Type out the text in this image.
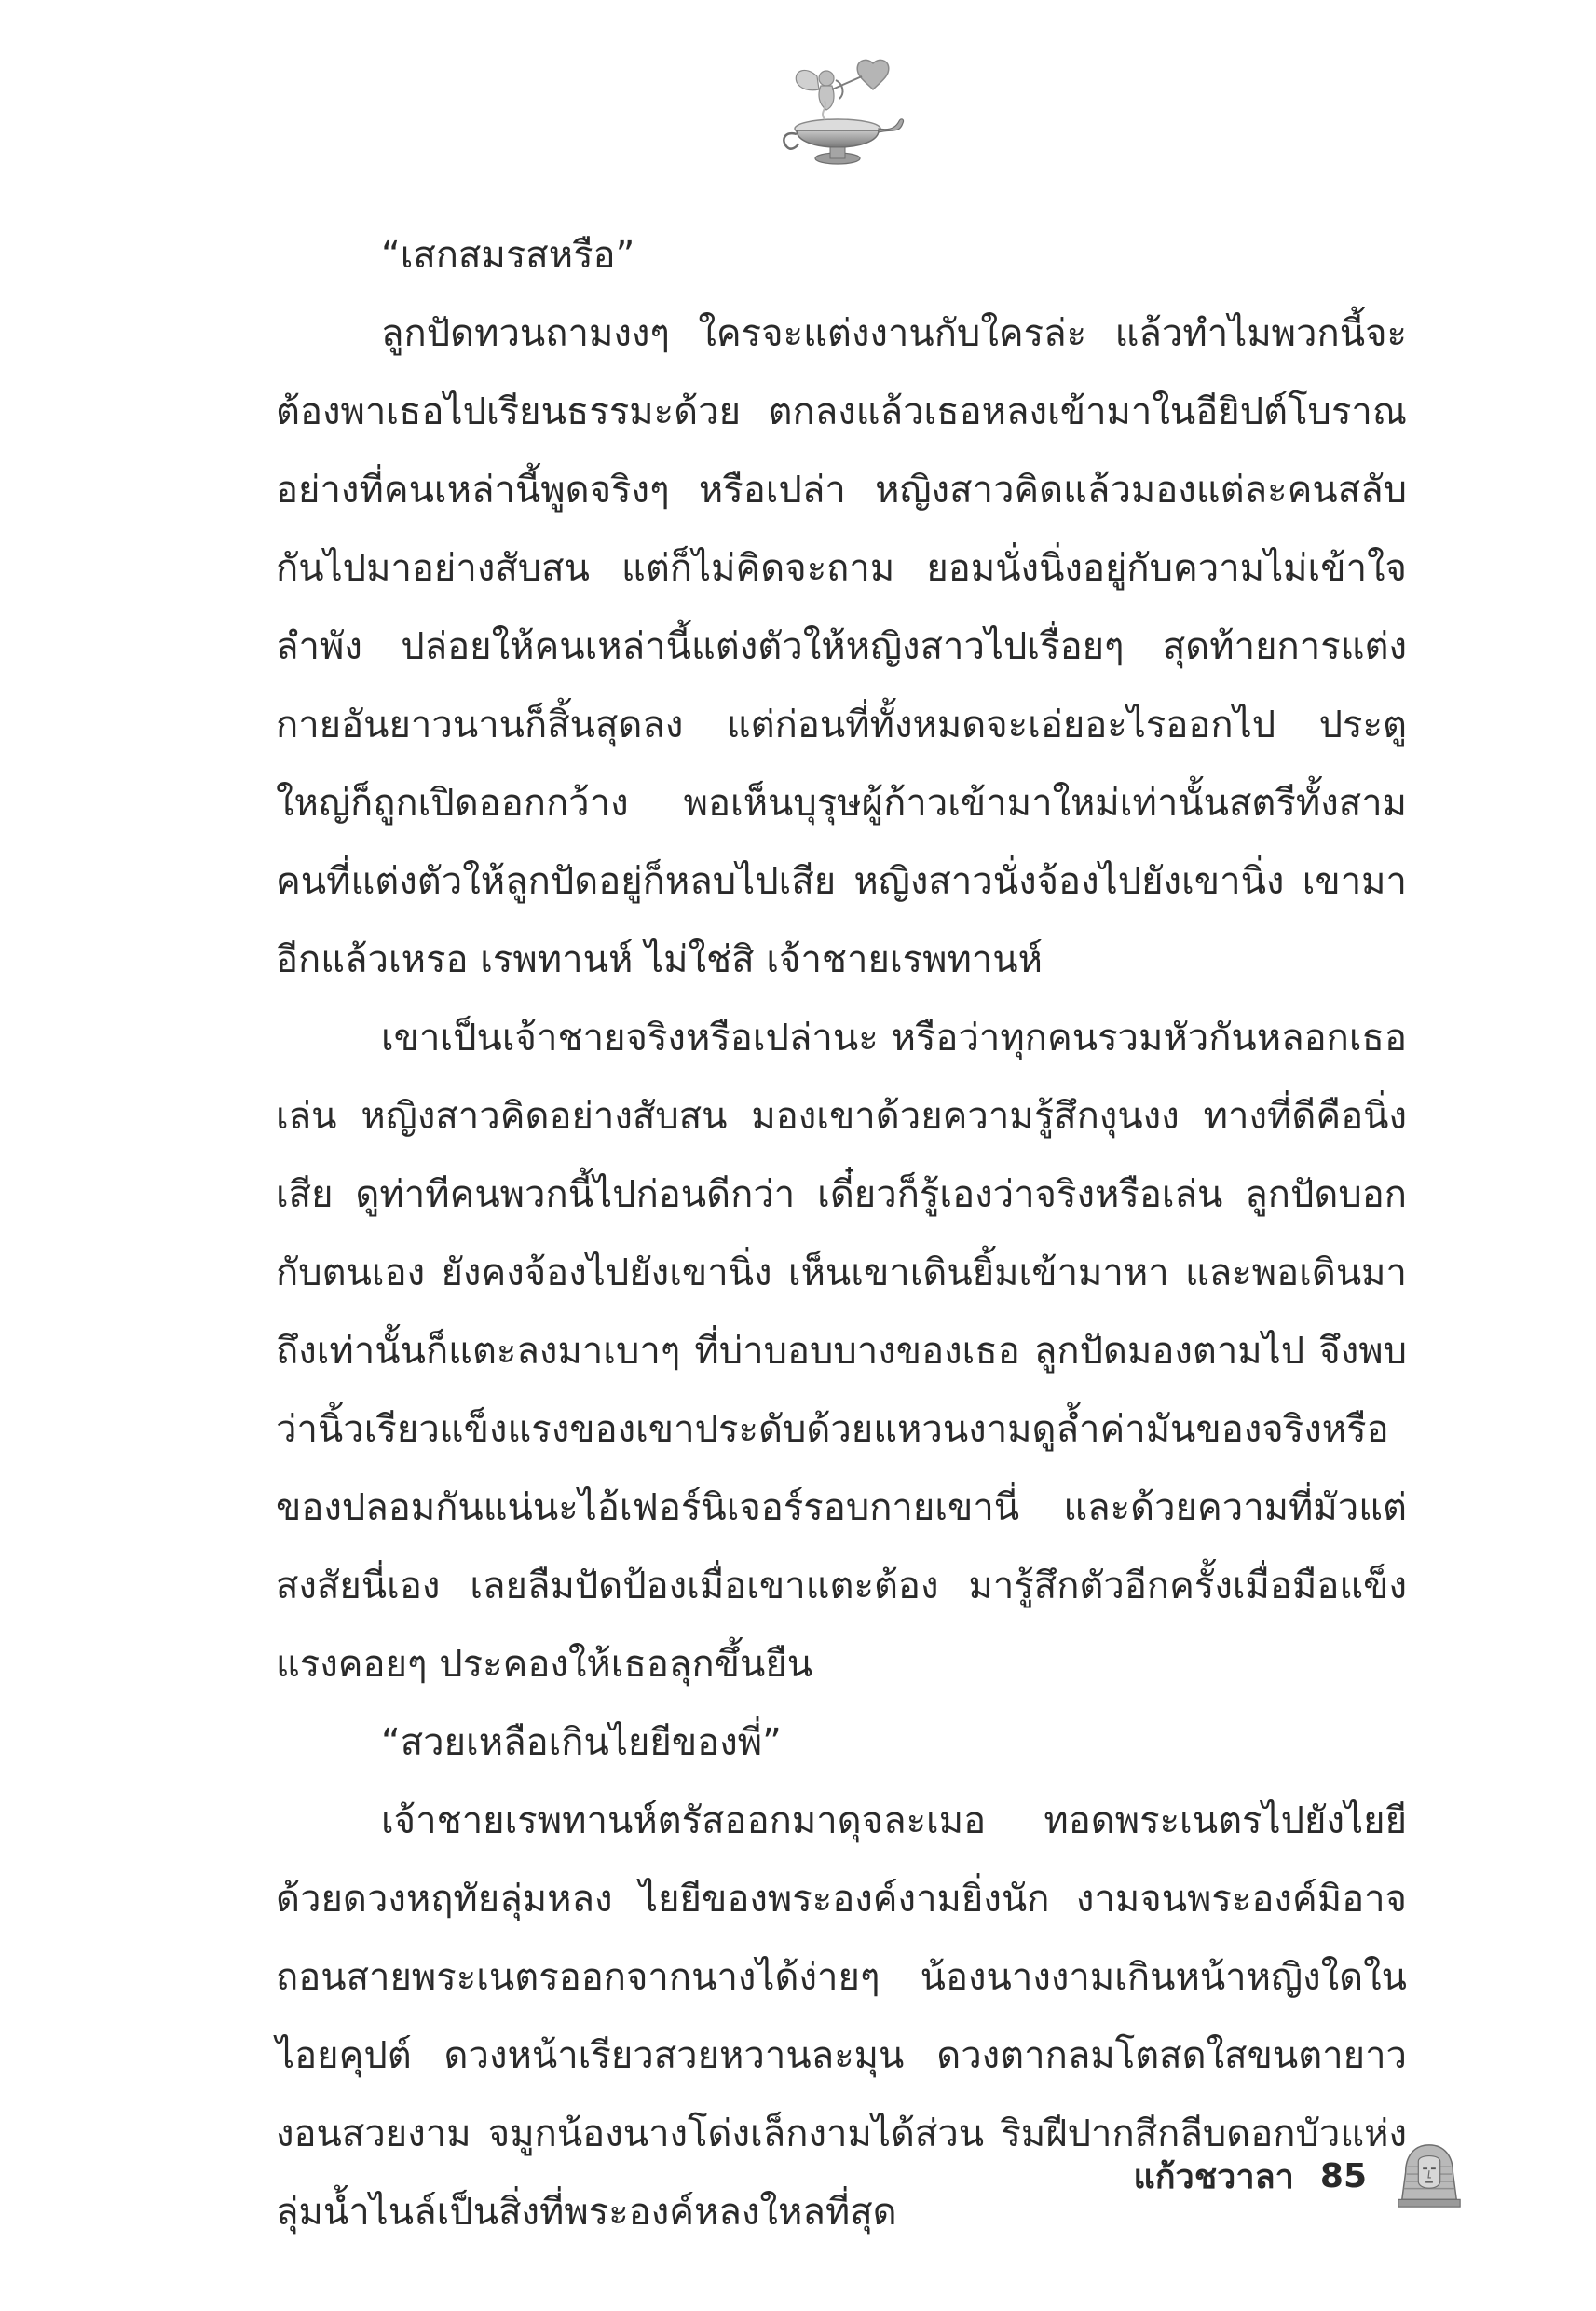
“เสกสมรสหรือ”

ลูกปัดทวนถามงงๆ ใครจะแต่งงานกับใครล่ะ แล้วทำไมพวกนี้จะต้องพาเธอไปเรียนธรรมะด้วย ตกลงแล้วเธอหลงเข้ามาในอียิปต์โบราณอย่างที่คนเหล่านี้พูดจริงๆ หรือเปล่า หญิงสาวคิดแล้วมองแต่ละคนสลับกันไปมาอย่างสับสน แต่ก็ไม่คิดจะถาม ยอมนั่งนิ่งอยู่กับความไม่เข้าใจลำพัง ปล่อยให้คนเหล่านี้แต่งตัวให้หญิงสาวไปเรื่อยๆ สุดท้ายการแต่งกายอันยาวนานก็สิ้นสุดลง แต่ก่อนที่ทั้งหมดจะเอ่ยอะไรออกไป ประตูใหญ่ก็ถูกเปิดออกกว้าง พอเห็นบุรุษผู้ก้าวเข้ามาใหม่เท่านั้นสตรีทั้งสามคนที่แต่งตัวให้ลูกปัดอยู่ก็หลบไปเสีย หญิงสาวนั่งจ้องไปยังเขานิ่ง เขามาอีกแล้วเหรอ เรพทานห์ ไม่ใช่สิ เจ้าชายเรพทานห์

เขาเป็นเจ้าชายจริงหรือเปล่านะ หรือว่าทุกคนรวมหัวกันหลอกเธอเล่น หญิงสาวคิดอย่างสับสน มองเขาด้วยความรู้สึกงุนงง ทางที่ดีคือนิ่งเสีย ดูท่าทีคนพวกนี้ไปก่อนดีกว่า เดี๋ยวก็รู้เองว่าจริงหรือเล่น ลูกปัดบอกกับตนเอง ยังคงจ้องไปยังเขานิ่ง เห็นเขาเดินยิ้มเข้ามาหา และพอเดินมาถึงเท่านั้นก็แตะลงมาเบาๆ ที่บ่าบอบบางของเธอ ลูกปัดมองตามไป จึงพบว่านิ้วเรียวแข็งแรงของเขาประดับด้วยแหวนงามดูล้ำค่ามันของจริงหรือของปลอมกันแน่นะไอ้เฟอร์นิเจอร์รอบกายเขานี่ และด้วยความที่มัวแต่สงสัยนี่เอง เลยลืมปัดป้องเมื่อเขาแตะต้อง มารู้สึกตัวอีกครั้งเมื่อมือแข็งแรงคอยๆ ประคองให้เธอลุกขึ้นยืน

“สวยเหลือเกินไยยีของพี่”

เจ้าชายเรพทานห์ตรัสออกมาดุจละเมอ ทอดพระเนตรไปยังไยยีด้วยดวงหฤทัยลุ่มหลง ไยยีของพระองค์งามยิ่งนัก งามจนพระองค์มิอาจถอนสายพระเนตรออกจากนางได้ง่ายๆ น้องนางงามเกินหน้าหญิงใดในไอยคุปต์ ดวงหน้าเรียวสวยหวานละมุน ดวงตากลมโตสดใสขนตายาวงอนสวยงาม จมูกน้องนางโด่งเล็กงามได้ส่วน ริมฝีปากสีกลีบดอกบัวแห่งลุ่มน้ำไนล์เป็นสิ่งที่พระองค์หลงใหลที่สุด

แก้วชวาลา 85
